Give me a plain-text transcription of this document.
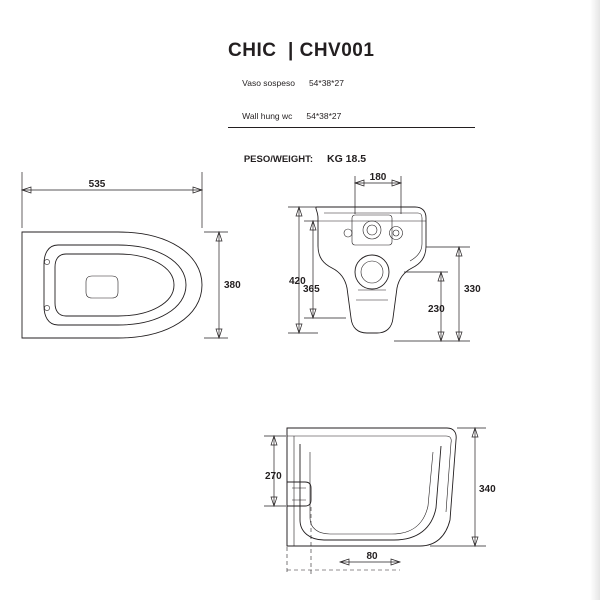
CHIC  | CHV001

Vaso sospeso 54*38*27

Wall hung wc 54*38*27

PESO/WEIGHT: KG 18.5

535
380
180
420
365	330
230
270
340
80
